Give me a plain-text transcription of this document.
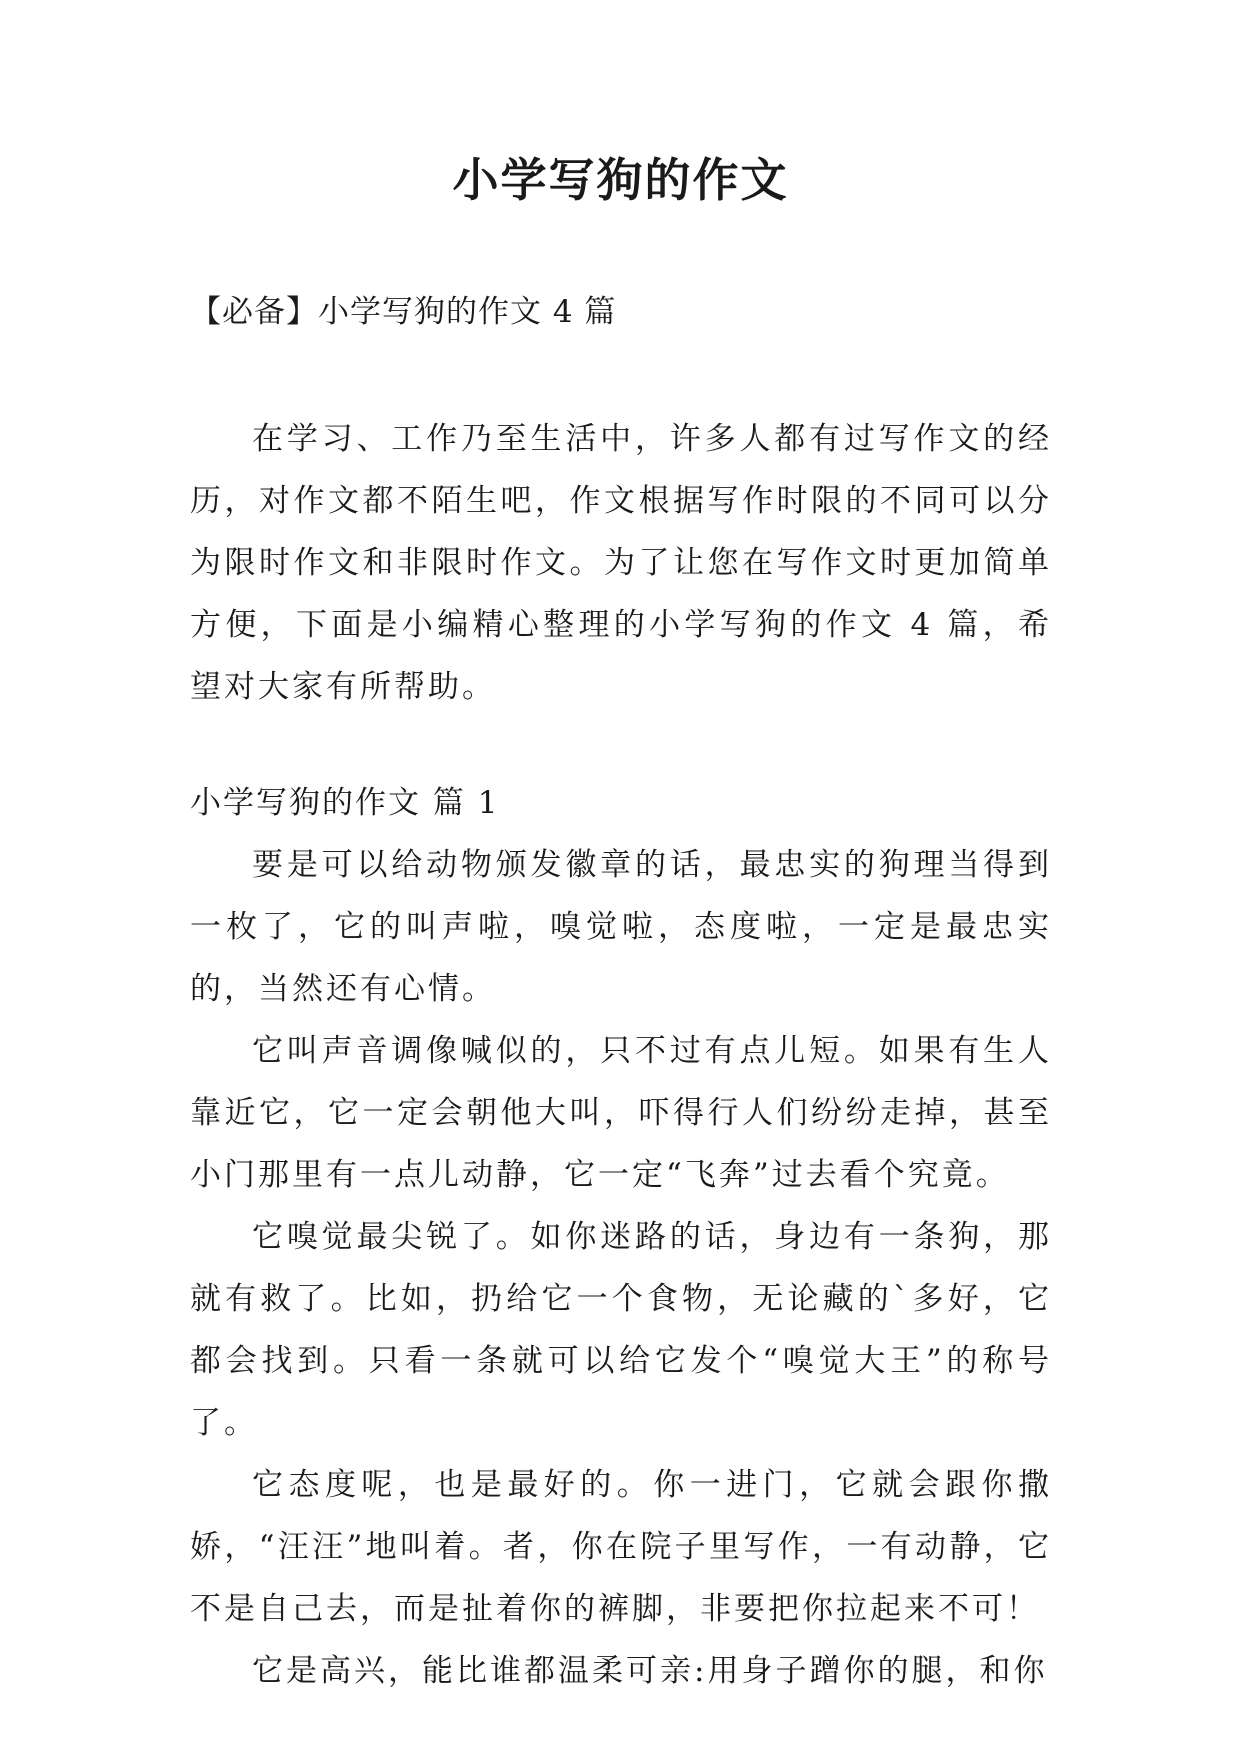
小学写狗的作文
【必备】小学写狗的作文 4 篇

在学习、工作乃至生活中，许多人都有过写作文的经历，对作文都不陌生吧，作文根据写作时限的不同可以分为限时作文和非限时作文。为了让您在写作文时更加简单方便，下面是小编精心整理的小学写狗的作文 4 篇，希望对大家有所帮助。

小学写狗的作文 篇 1

要是可以给动物颁发徽章的话，最忠实的狗理当得到一枚了，它的叫声啦，嗅觉啦，态度啦，一定是最忠实的，当然还有心情。

它叫声音调像喊似的，只不过有点儿短。如果有生人靠近它，它一定会朝他大叫，吓得行人们纷纷走掉，甚至小门那里有一点儿动静，它一定“飞奔”过去看个究竟。

它嗅觉最尖锐了。如你迷路的话，身边有一条狗，那就有救了。比如，扔给它一个食物，无论藏的`多好，它都会找到。只看一条就可以给它发个“嗅觉大王”的称号了。

它态度呢，也是最好的。你一进门，它就会跟你撒娇，“汪汪”地叫着。者，你在院子里写作，一有动静，它不是自己去，而是扯着你的裤脚，非要把你拉起来不可！

它是高兴，能比谁都温柔可亲:用身子蹭你的腿，和你
